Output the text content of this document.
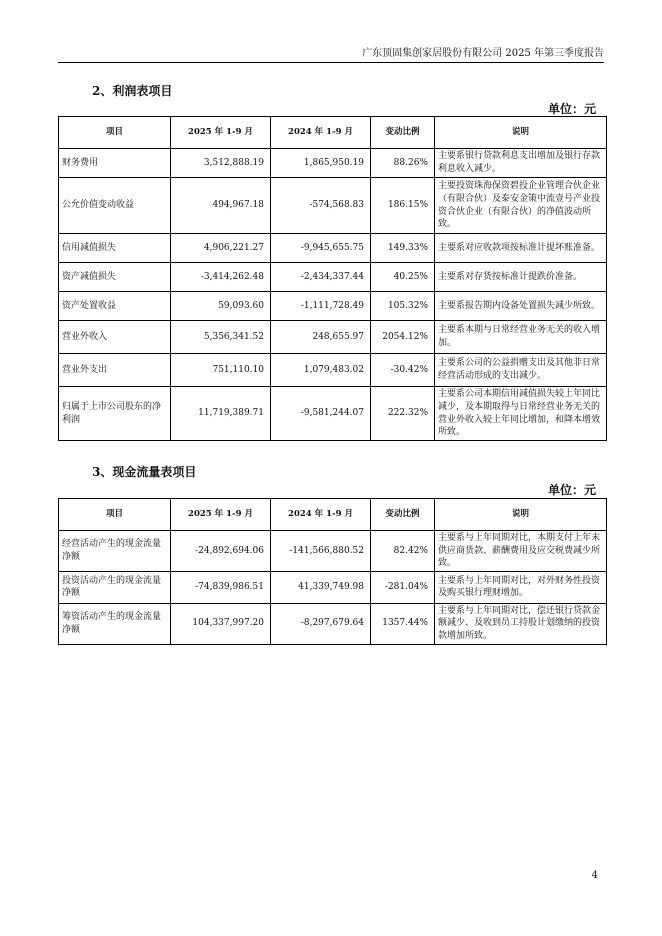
广东顶固集创家居股份有限公司 2025 年第三季度报告
2、利润表项目
单位：元
项目	2025 年 1-9 月	2024 年 1-9 月	变动比例	说明
财务费用	3,512,888.19	1,865,950.19	88.26%	主要系银行贷款利息支出增加及银行存款利息收入减少。
公允价值变动收益	494,967.18	-574,568.83	186.15%	主要投资珠海保资碧投企业管理合伙企业（有限合伙）及泰安金策中流壹号产业投资合伙企业（有限合伙）的净值波动所致。
信用减值损失	4,906,221.27	-9,945,655.75	149.33%	主要系对应收款项按标准计提坏账准备。
资产减值损失	-3,414,262.48	-2,434,337.44	40.25%	主要系对存货按标准计提跌价准备。
资产处置收益	59,093.60	-1,111,728.49	105.32%	主要系报告期内设备处置损失减少所致。
营业外收入	5,356,341.52	248,655.97	2054.12%	主要系本期与日常经营业务无关的收入增加。
营业外支出	751,110.10	1,079,483.02	-30.42%	主要系公司的公益捐赠支出及其他非日常经营活动形成的支出减少。
归属于上市公司股东的净利润	11,719,389.71	-9,581,244.07	222.32%	主要系公司本期信用减值损失较上年同比减少，及本期取得与日常经营业务无关的营业外收入较上年同比增加，和降本增效所致。
3、现金流量表项目
单位：元
项目	2025 年 1-9 月	2024 年 1-9 月	变动比例	说明
经营活动产生的现金流量净额	-24,892,694.06	-141,566,880.52	82.42%	主要系与上年同期对比，本期支付上年末供应商货款、薪酬费用及应交税费减少所致。
投资活动产生的现金流量净额	-74,839,986.51	41,339,749.98	-281.04%	主要系与上年同期对比，对外财务性投资及购买银行理财增加。
筹资活动产生的现金流量净额	104,337,997.20	-8,297,679.64	1357.44%	主要系与上年同期对比，偿还银行贷款金额减少、及收到员工持股计划缴纳的投资款增加所致。
4
